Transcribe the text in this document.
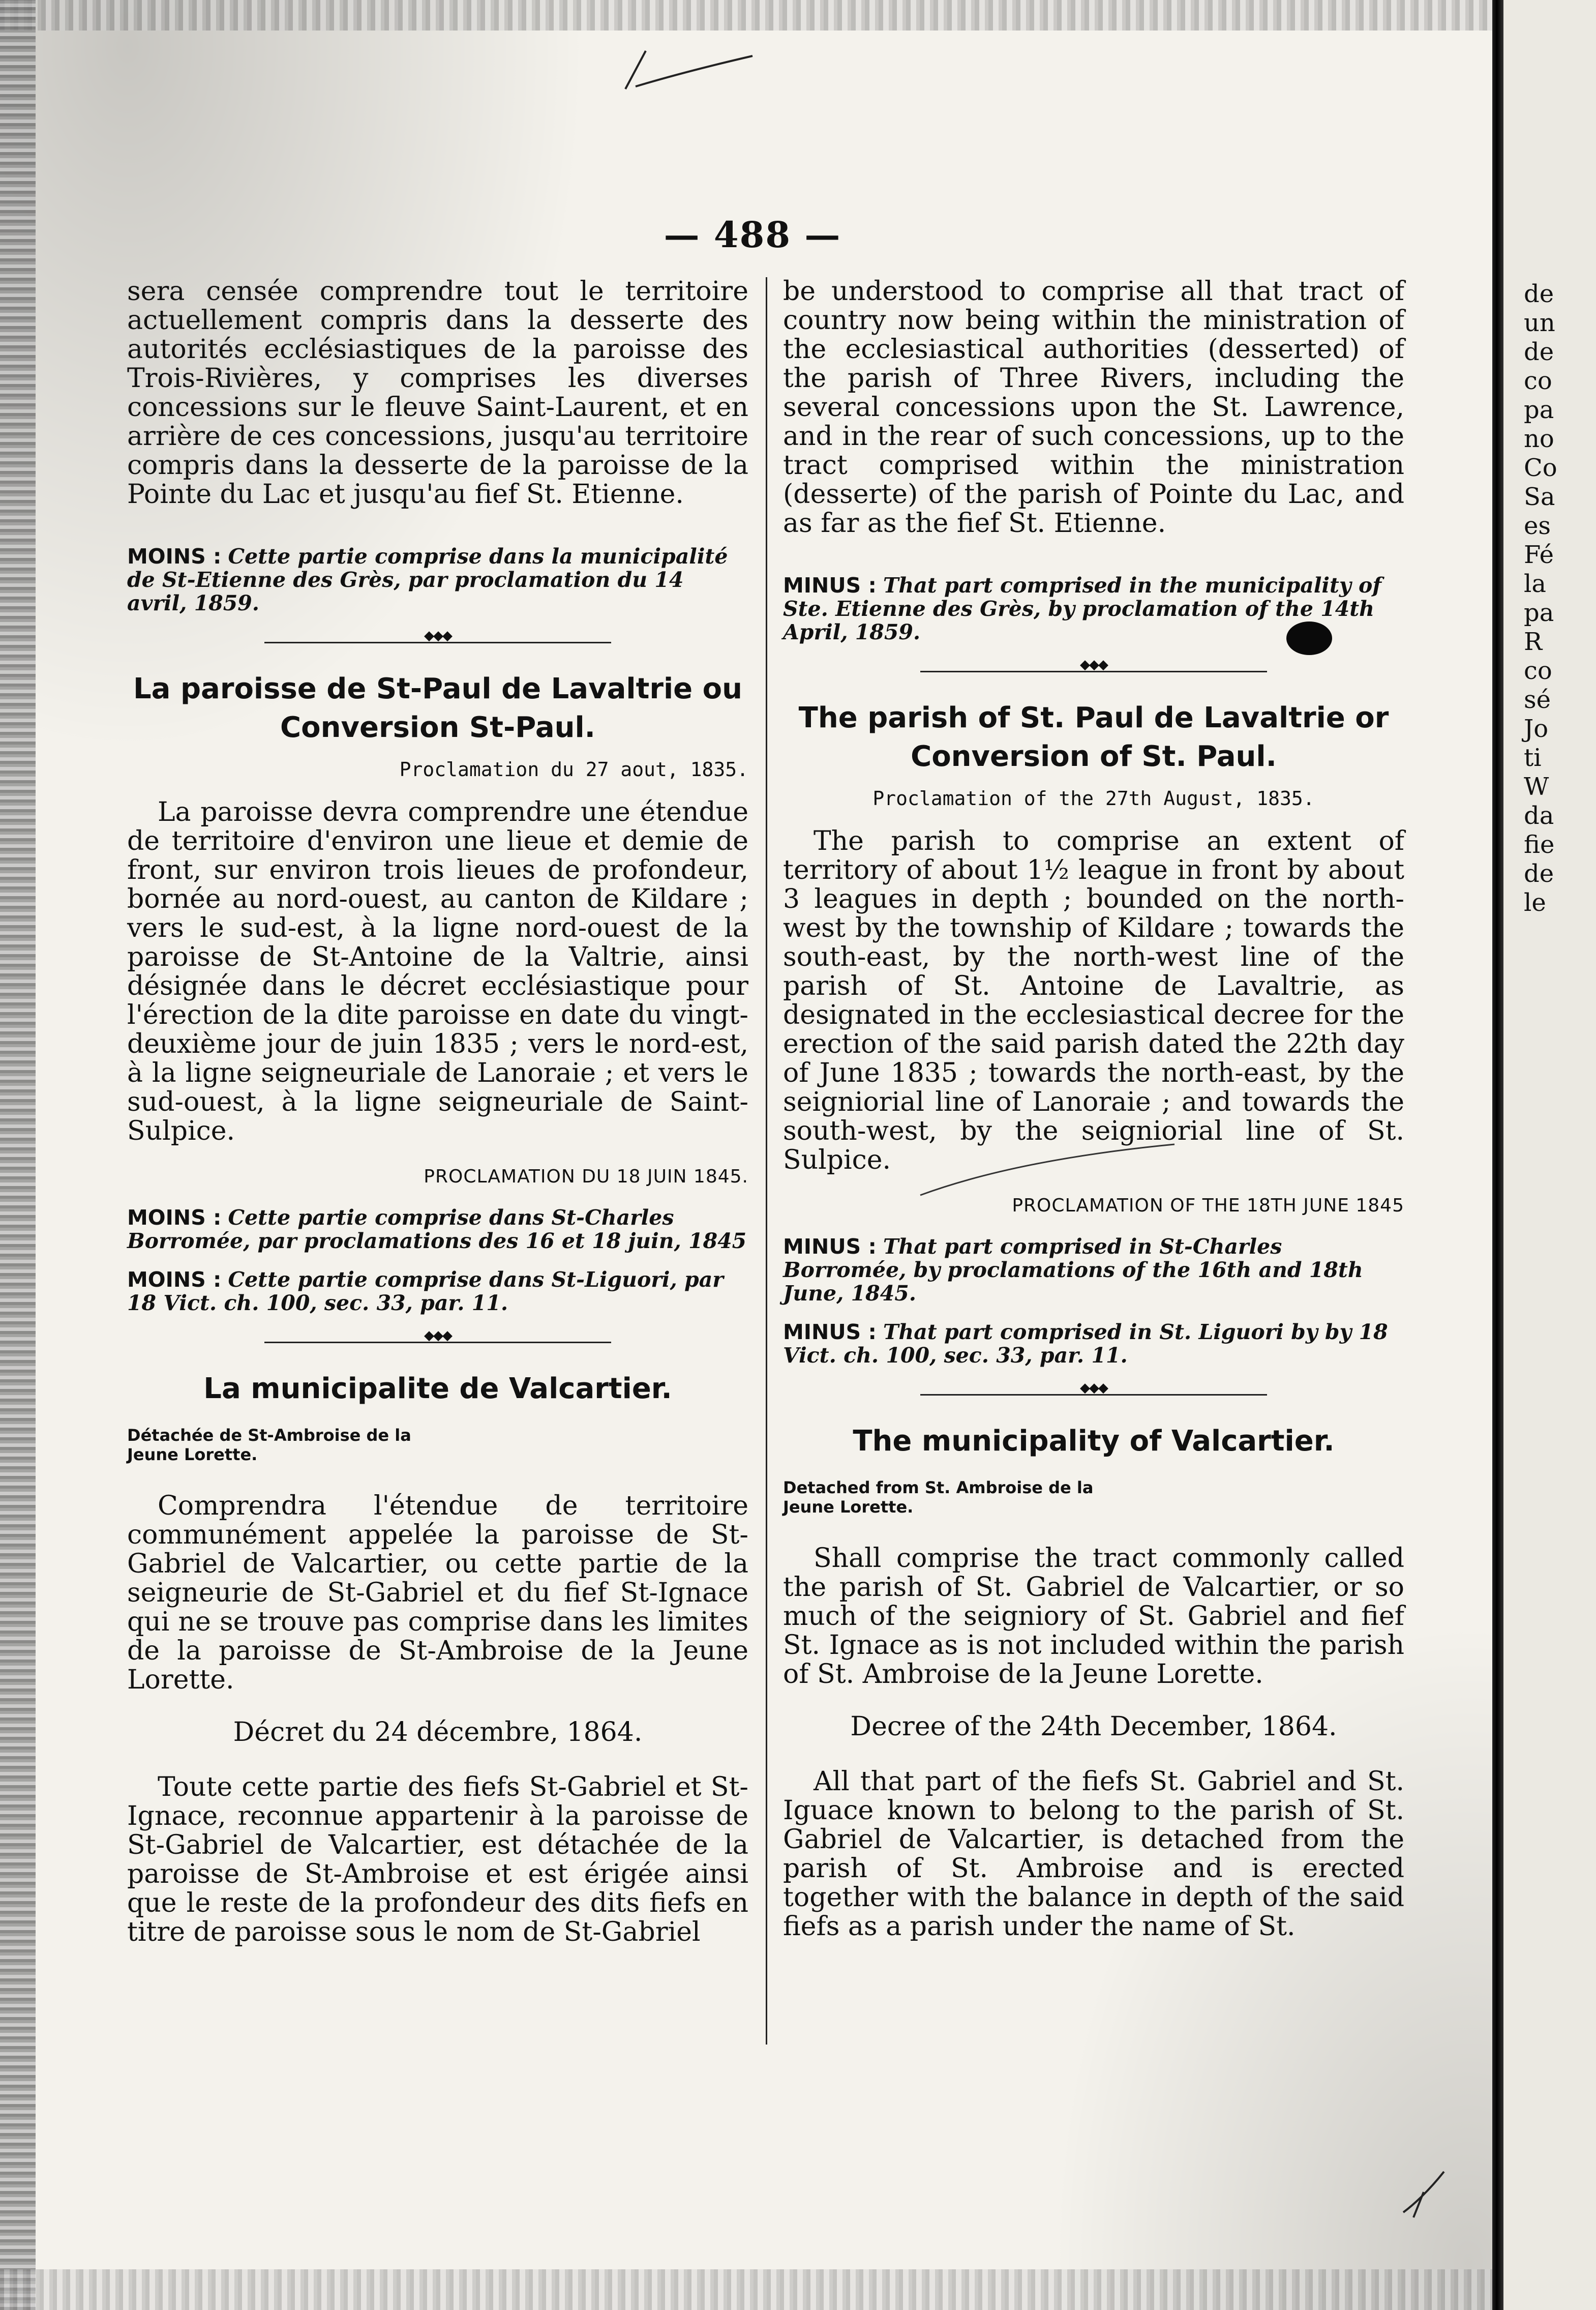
— 488 —

sera censée comprendre tout le territoire actuellement compris dans la desserte des autorités ecclésiastiques de la paroisse des Trois-Rivières, y comprises les diverses concessions sur le fleuve Saint-Laurent, et en arrière de ces concessions, jusqu'au territoire compris dans la desserte de la paroisse de la Pointe du Lac et jusqu'au fief St. Etienne.

MOINS : Cette partie comprise dans la municipalité de St-Etienne des Grès, par proclamation du 14 avril, 1859.

◆◆◆
La paroisse de St-Paul de Lavaltrie ou Conversion St-Paul.

Proclamation du 27 aout, 1835.

La paroisse devra comprendre une étendue de territoire d'environ une lieue et demie de front, sur environ trois lieues de profondeur, bornée au nord-ouest, au canton de Kildare ; vers le sud-est, à la ligne nord-ouest de la paroisse de St-Antoine de la Valtrie, ainsi désignée dans le décret ecclésiastique pour l'érection de la dite paroisse en date du vingt-deuxième jour de juin 1835 ; vers le nord-est, à la ligne seigneuriale de Lanoraie ; et vers le sud-ouest, à la ligne seigneuriale de Saint-Sulpice.

PROCLAMATION DU 18 JUIN 1845.

MOINS : Cette partie comprise dans St-Charles Borromée, par proclamations des 16 et 18 juin, 1845

MOINS : Cette partie comprise dans St-Liguori, par 18 Vict. ch. 100, sec. 33, par. 11.

◆◆◆
La municipalite de Valcartier.

Détachée de St-Ambroise de la Jeune Lorette.

Comprendra l'étendue de territoire communément appelée la paroisse de St-Gabriel de Valcartier, ou cette partie de la seigneurie de St-Gabriel et du fief St-Ignace qui ne se trouve pas comprise dans les limites de la paroisse de St-Ambroise de la Jeune Lorette.

Décret du 24 décembre, 1864.

Toute cette partie des fiefs St-Gabriel et St-Ignace, reconnue appartenir à la paroisse de St-Gabriel de Valcartier, est détachée de la paroisse de St-Ambroise et est érigée ainsi que le reste de la profondeur des dits fiefs en titre de paroisse sous le nom de St-Gabriel

be understood to comprise all that tract of country now being within the ministration of the ecclesiastical authorities (desserted) of the parish of Three Rivers, including the several concessions upon the St. Lawrence, and in the rear of such concessions, up to the tract comprised within the ministration (desserte) of the parish of Pointe du Lac, and as far as the fief St. Etienne.

MINUS : That part comprised in the municipality of Ste. Etienne des Grès, by proclamation of the 14th April, 1859.

◆◆◆
The parish of St. Paul de Lavaltrie or Conversion of St. Paul.

Proclamation of the 27th August, 1835.

The parish to comprise an extent of territory of about 1½ league in front by about 3 leagues in depth ; bounded on the north-west by the township of Kildare ; towards the south-east, by the north-west line of the parish of St. Antoine de Lavaltrie, as designated in the ecclesiastical decree for the erection of the said parish dated the 22th day of June 1835 ; towards the north-east, by the seigniorial line of Lanoraie ; and towards the south-west, by the seigniorial line of St. Sulpice.

PROCLAMATION OF THE 18TH JUNE 1845

MINUS : That part comprised in St-Charles Borromée, by proclamations of the 16th and 18th June, 1845.

MINUS : That part comprised in St. Liguori by by 18 Vict. ch. 100, sec. 33, par. 11.

◆◆◆
The municipality of Valcartier.

Detached from St. Ambroise de la Jeune Lorette.

Shall comprise the tract commonly called the parish of St. Gabriel de Valcartier, or so much of the seigniory of St. Gabriel and fief St. Ignace as is not included within the parish of St. Ambroise de la Jeune Lorette.

Decree of the 24th December, 1864.

All that part of the fiefs St. Gabriel and St. Iguace known to belong to the parish of St. Gabriel de Valcartier, is detached from the parish of St. Ambroise and is erected together with the balance in depth of the said fiefs as a parish under the name of St.

de
un
de
co
pa
no
Co
Sa
es
Fé
la
pa
R
co
sé
Jo
ti
W
da
fie
de
le
